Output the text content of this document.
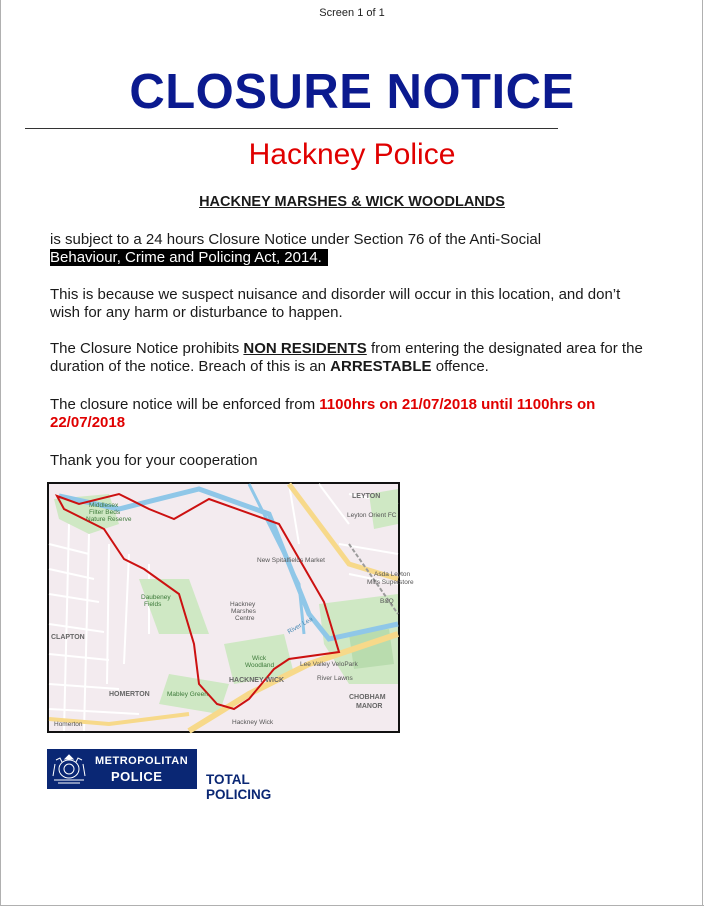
Screen 1 of 1
CLOSURE NOTICE
Hackney Police
HACKNEY MARSHES & WICK WOODLANDS
is subject to a 24 hours Closure Notice under Section 76 of the Anti-Social
Behaviour, Crime and Policing Act, 2014.
This is because we suspect nuisance and disorder will occur in this location, and don’t wish for any harm or disturbance to happen.
The Closure Notice prohibits NON RESIDENTS from entering the designated area for the duration of the notice. Breach of this is an ARRESTABLE offence.
The closure notice will be enforced from 1100hrs on 21/07/2018 until 1100hrs on 22/07/2018
Thank you for your cooperation
LEYTON
Leyton Orient FC
New Spitalfields Market
Asda Leyton
Mills Superstore
B&Q
Middlesex
Filter Beds
Nature Reserve
CLAPTON
Daubeney
Fields	Hackney
Marshes
Centre
Wick
Woodland	Lee Valley VeloPark
HACKNEY WICK	River Lawns
HOMERTON	Mabley Green	CHOBHAM
MANOR
Homerton	Hackney Wick
River Lea
METROPOLITAN
POLICE	TOTAL POLICING
